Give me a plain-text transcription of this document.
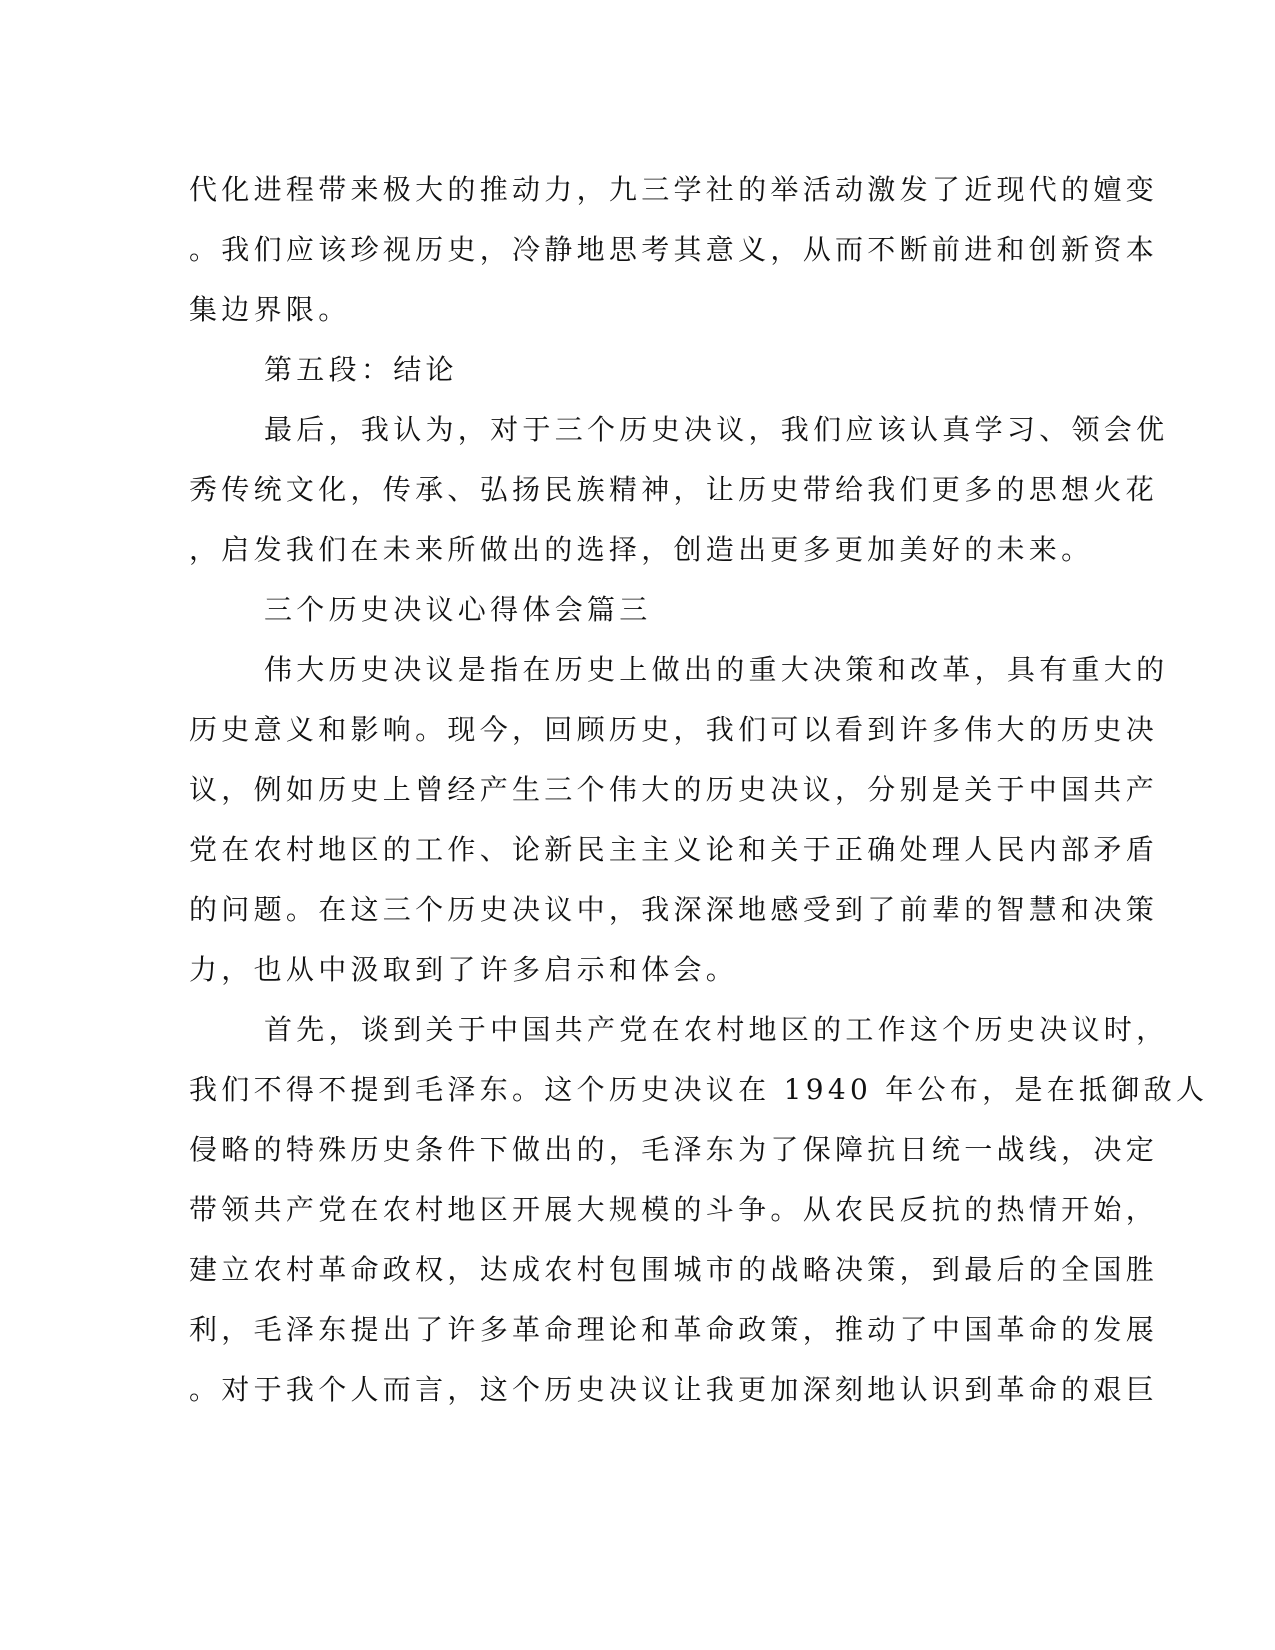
代化进程带来极大的推动力，九三学社的举活动激发了近现代的嬗变
。我们应该珍视历史，冷静地思考其意义，从而不断前进和创新资本
集边界限。
第五段：结论
最后，我认为，对于三个历史决议，我们应该认真学习、领会优
秀传统文化，传承、弘扬民族精神，让历史带给我们更多的思想火花
，启发我们在未来所做出的选择，创造出更多更加美好的未来。
三个历史决议心得体会篇三
伟大历史决议是指在历史上做出的重大决策和改革，具有重大的
历史意义和影响。现今，回顾历史，我们可以看到许多伟大的历史决
议，例如历史上曾经产生三个伟大的历史决议，分别是关于中国共产
党在农村地区的工作、论新民主主义论和关于正确处理人民内部矛盾
的问题。在这三个历史决议中，我深深地感受到了前辈的智慧和决策
力，也从中汲取到了许多启示和体会。
首先，谈到关于中国共产党在农村地区的工作这个历史决议时，
我们不得不提到毛泽东。这个历史决议在 1940 年公布，是在抵御敌人
侵略的特殊历史条件下做出的，毛泽东为了保障抗日统一战线，决定
带领共产党在农村地区开展大规模的斗争。从农民反抗的热情开始，
建立农村革命政权，达成农村包围城市的战略决策，到最后的全国胜
利，毛泽东提出了许多革命理论和革命政策，推动了中国革命的发展
。对于我个人而言，这个历史决议让我更加深刻地认识到革命的艰巨
